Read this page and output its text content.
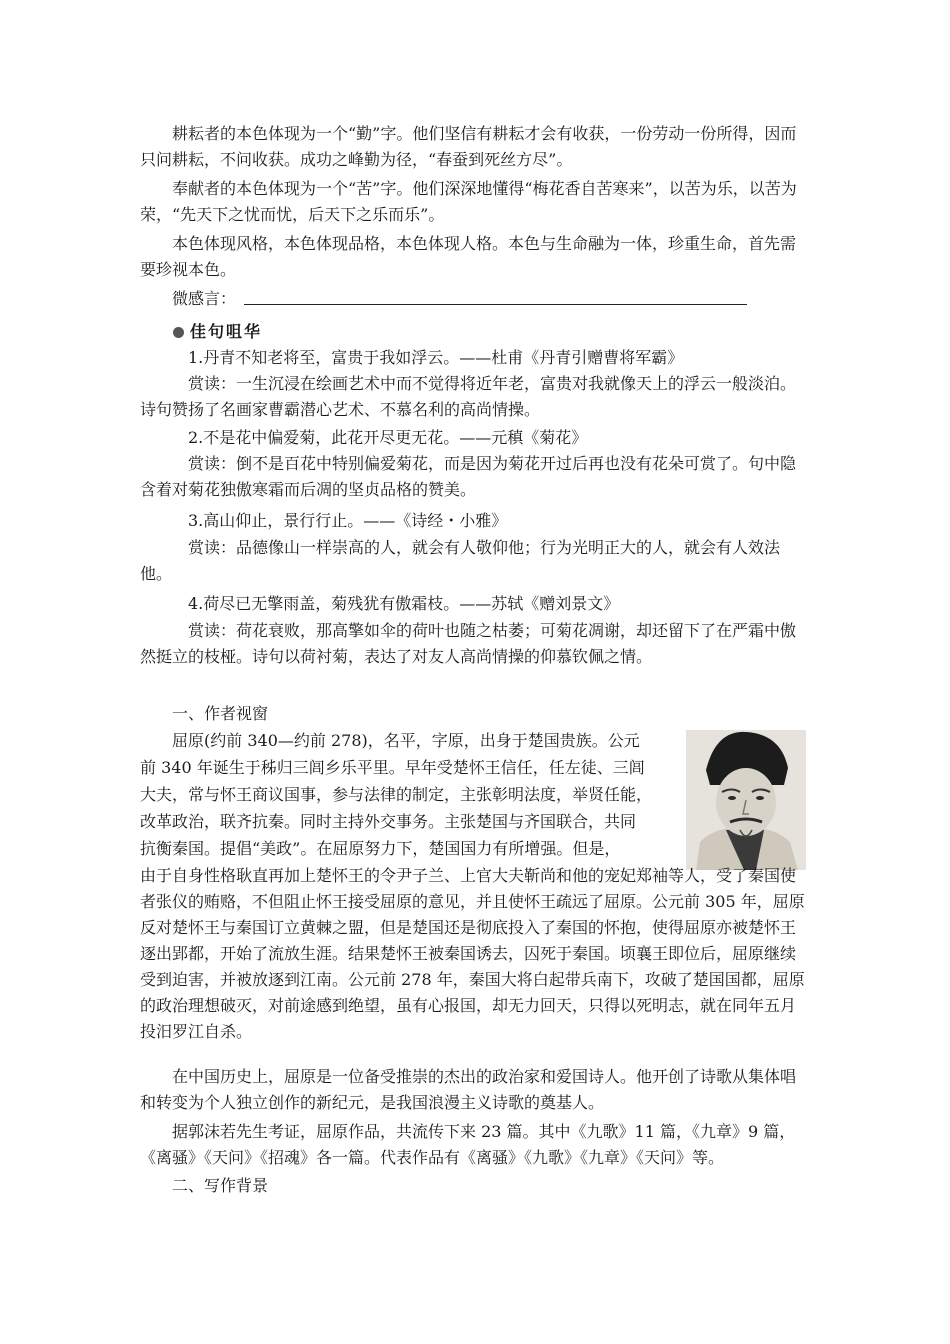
耕耘者的本色体现为一个“勤”字。他们坚信有耕耘才会有收获，一份劳动一份所得，因而只问耕耘，不问收获。成功之峰勤为径，“春蚕到死丝方尽”。

奉献者的本色体现为一个“苦”字。他们深深地懂得“梅花香自苦寒来”，以苦为乐，以苦为荣，“先天下之忧而忧，后天下之乐而乐”。

本色体现风格，本色体现品格，本色体现人格。本色与生命融为一体，珍重生命，首先需要珍视本色。

微感言：
佳句咀华

1.丹青不知老将至，富贵于我如浮云。——杜甫《丹青引赠曹将军霸》

赏读：一生沉浸在绘画艺术中而不觉得将近年老，富贵对我就像天上的浮云一般淡泊。诗句赞扬了名画家曹霸潜心艺术、不慕名利的高尚情操。

2.不是花中偏爱菊，此花开尽更无花。——元稹《菊花》

赏读：倒不是百花中特别偏爱菊花，而是因为菊花开过后再也没有花朵可赏了。句中隐含着对菊花独傲寒霜而后凋的坚贞品格的赞美。

3.高山仰止，景行行止。——《诗经・小雅》

赏读：品德像山一样崇高的人，就会有人敬仰他；行为光明正大的人，就会有人效法他。

4.荷尽已无擎雨盖，菊残犹有傲霜枝。——苏轼《赠刘景文》

赏读：荷花衰败，那高擎如伞的荷叶也随之枯萎；可菊花凋谢，却还留下了在严霜中傲然挺立的枝桠。诗句以荷衬菊，表达了对友人高尚情操的仰慕钦佩之情。

一、作者视窗
屈原(约前 340—约前 278)，名平，字原，出身于楚国贵族。公元
前 340 年诞生于秭归三闾乡乐平里。早年受楚怀王信任，任左徒、三闾
大夫，常与怀王商议国事，参与法律的制定，主张彰明法度，举贤任能，
改革政治，联齐抗秦。同时主持外交事务。主张楚国与齐国联合，共同
抗衡秦国。提倡“美政”。在屈原努力下，楚国国力有所增强。但是，

由于自身性格耿直再加上楚怀王的令尹子兰、上官大夫靳尚和他的宠妃郑袖等人，受了秦国使者张仪的贿赂，不但阻止怀王接受屈原的意见，并且使怀王疏远了屈原。公元前 305 年，屈原反对楚怀王与秦国订立黄棘之盟，但是楚国还是彻底投入了秦国的怀抱，使得屈原亦被楚怀王逐出郢都，开始了流放生涯。结果楚怀王被秦国诱去，囚死于秦国。顷襄王即位后，屈原继续受到迫害，并被放逐到江南。公元前 278 年，秦国大将白起带兵南下，攻破了楚国国都，屈原的政治理想破灭，对前途感到绝望，虽有心报国，却无力回天，只得以死明志，就在同年五月投汨罗江自杀。

在中国历史上，屈原是一位备受推崇的杰出的政治家和爱国诗人。他开创了诗歌从集体唱和转变为个人独立创作的新纪元，是我国浪漫主义诗歌的奠基人。

据郭沫若先生考证，屈原作品，共流传下来 23 篇。其中《九歌》11 篇，《九章》9 篇，《离骚》《天问》《招魂》各一篇。代表作品有《离骚》《九歌》《九章》《天问》等。

二、写作背景
